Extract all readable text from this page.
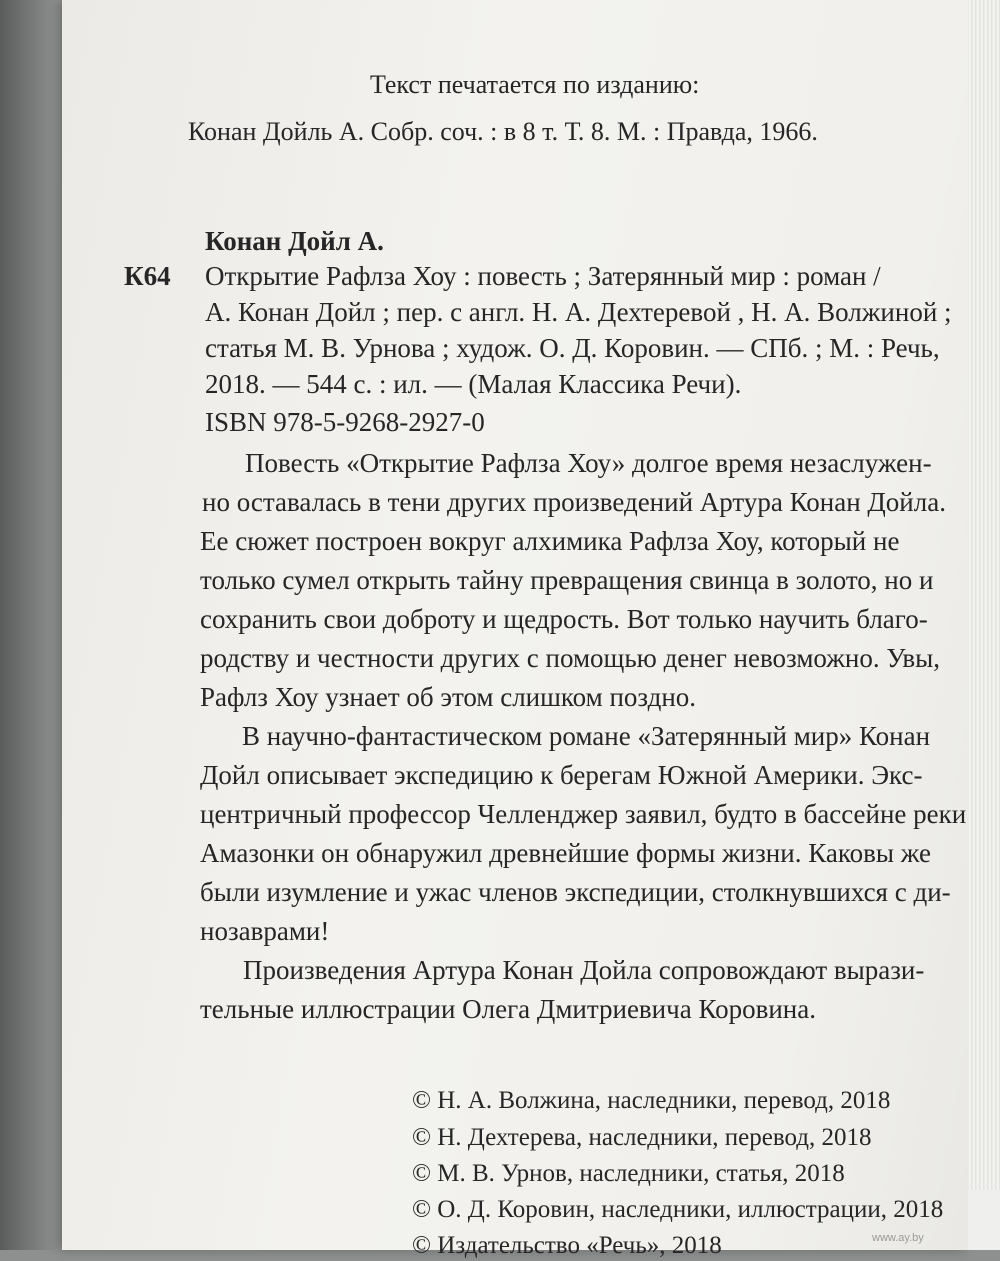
Текст печатается по изданию:
Конан Дойль А. Собр. соч. : в 8 т. Т. 8. М. : Правда, 1966.
Конан Дойл А.
К64 Открытие Рафлза Хоу : повесть ; Затерянный мир : роман /
А. Конан Дойл ; пер. с англ. Н. А. Дехтеревой , Н. А. Волжиной ;
статья М. В. Урнова ; худож. О. Д. Коровин. — СПб. ; М. : Речь,
2018. — 544 с. : ил. — (Малая Классика Речи).
ISBN 978-5-9268-2927-0
Повесть «Открытие Рафлза Хоу» долгое время незаслужен-
но оставалась в тени других произведений Артура Конан Дойла.
Ее сюжет построен вокруг алхимика Рафлза Хоу, который не
только сумел открыть тайну превращения свинца в золото, но и
сохранить свои доброту и щедрость. Вот только научить благо-
родству и честности других с помощью денег невозможно. Увы,
Рафлз Хоу узнает об этом слишком поздно.
В научно-фантастическом романе «Затерянный мир» Конан
Дойл описывает экспедицию к берегам Южной Америки. Экс-
центричный профессор Челленджер заявил, будто в бассейне реки
Амазонки он обнаружил древнейшие формы жизни. Каковы же
были изумление и ужас членов экспедиции, столкнувшихся с ди-
нозаврами!
Произведения Артура Конан Дойла сопровождают вырази-
тельные иллюстрации Олега Дмитриевича Коровина.
© Н. А. Волжина, наследники, перевод, 2018
© Н. Дехтерева, наследники, перевод, 2018
© М. В. Урнов, наследники, статья, 2018
© О. Д. Коровин, наследники, иллюстрации, 2018
© Издательство «Речь», 2018	www.ay.by
